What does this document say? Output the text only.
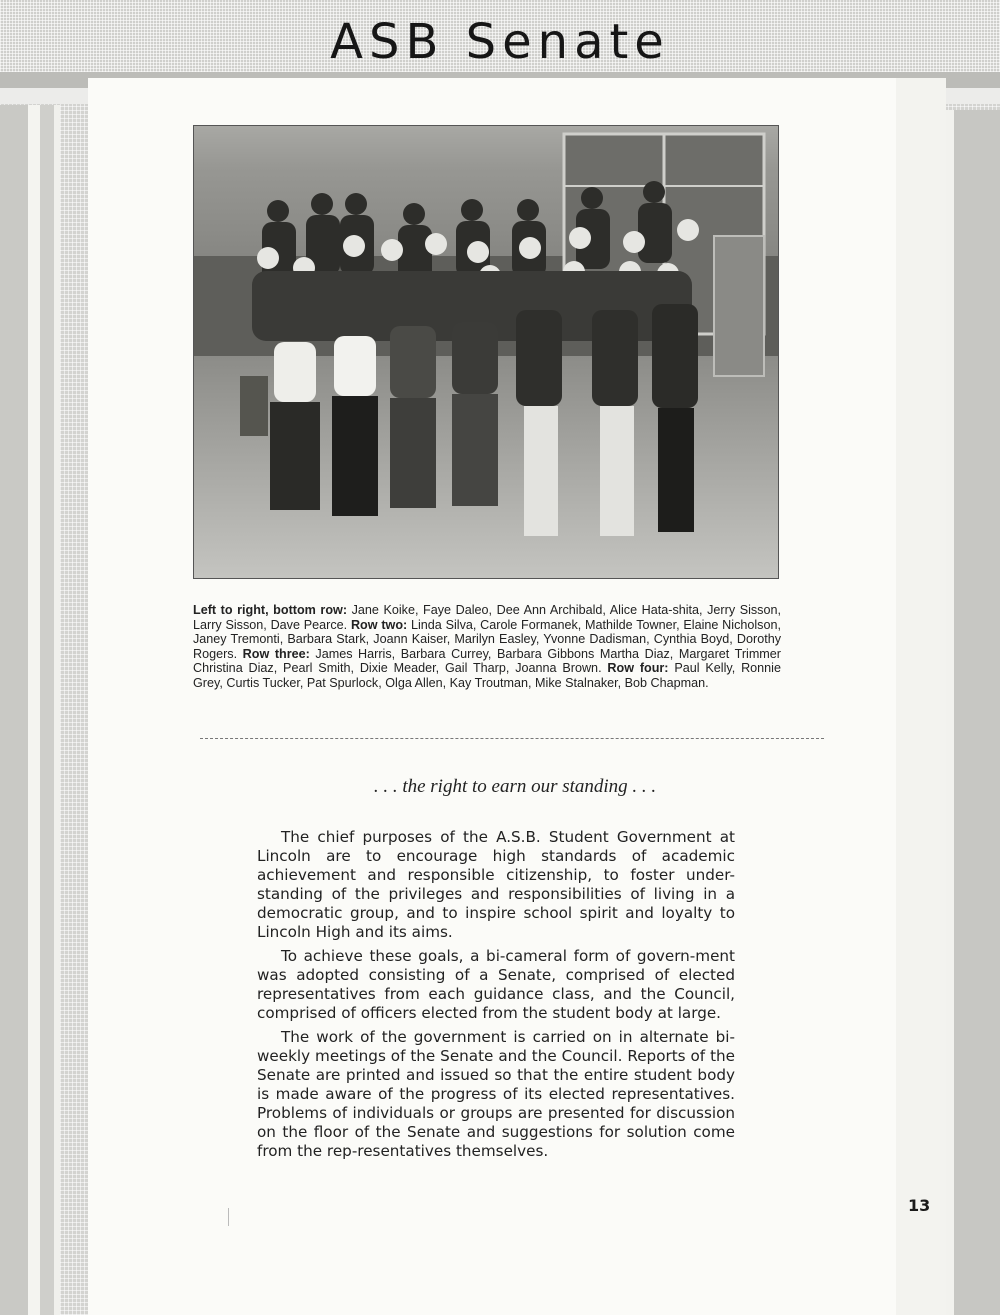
ASB Senate

Left to right, bottom row: Jane Koike, Faye Daleo, Dee Ann Archibald, Alice Hata-shita, Jerry Sisson, Larry Sisson, Dave Pearce. Row two: Linda Silva, Carole Formanek, Mathilde Towner, Elaine Nicholson, Janey Tremonti, Barbara Stark, Joann Kaiser, Marilyn Easley, Yvonne Dadisman, Cynthia Boyd, Dorothy Rogers. Row three: James Harris, Barbara Currey, Barbara Gibbons Martha Diaz, Margaret Trimmer Christina Diaz, Pearl Smith, Dixie Meader, Gail Tharp, Joanna Brown. Row four: Paul Kelly, Ronnie Grey, Curtis Tucker, Pat Spurlock, Olga Allen, Kay Troutman, Mike Stalnaker, Bob Chapman.

. . . the right to earn our standing . . .

The chief purposes of the A.S.B. Student Government at Lincoln are to encourage high standards of academic achievement and responsible citizenship, to foster under-standing of the privileges and responsibilities of living in a democratic group, and to inspire school spirit and loyalty to Lincoln High and its aims.

To achieve these goals, a bi-cameral form of govern-ment was adopted consisting of a Senate, comprised of elected representatives from each guidance class, and the Council, comprised of officers elected from the student body at large.

The work of the government is carried on in alternate bi-weekly meetings of the Senate and the Council. Reports of the Senate are printed and issued so that the entire student body is made aware of the progress of its elected representatives. Problems of individuals or groups are presented for discussion on the floor of the Senate and suggestions for solution come from the rep-resentatives themselves.

13
